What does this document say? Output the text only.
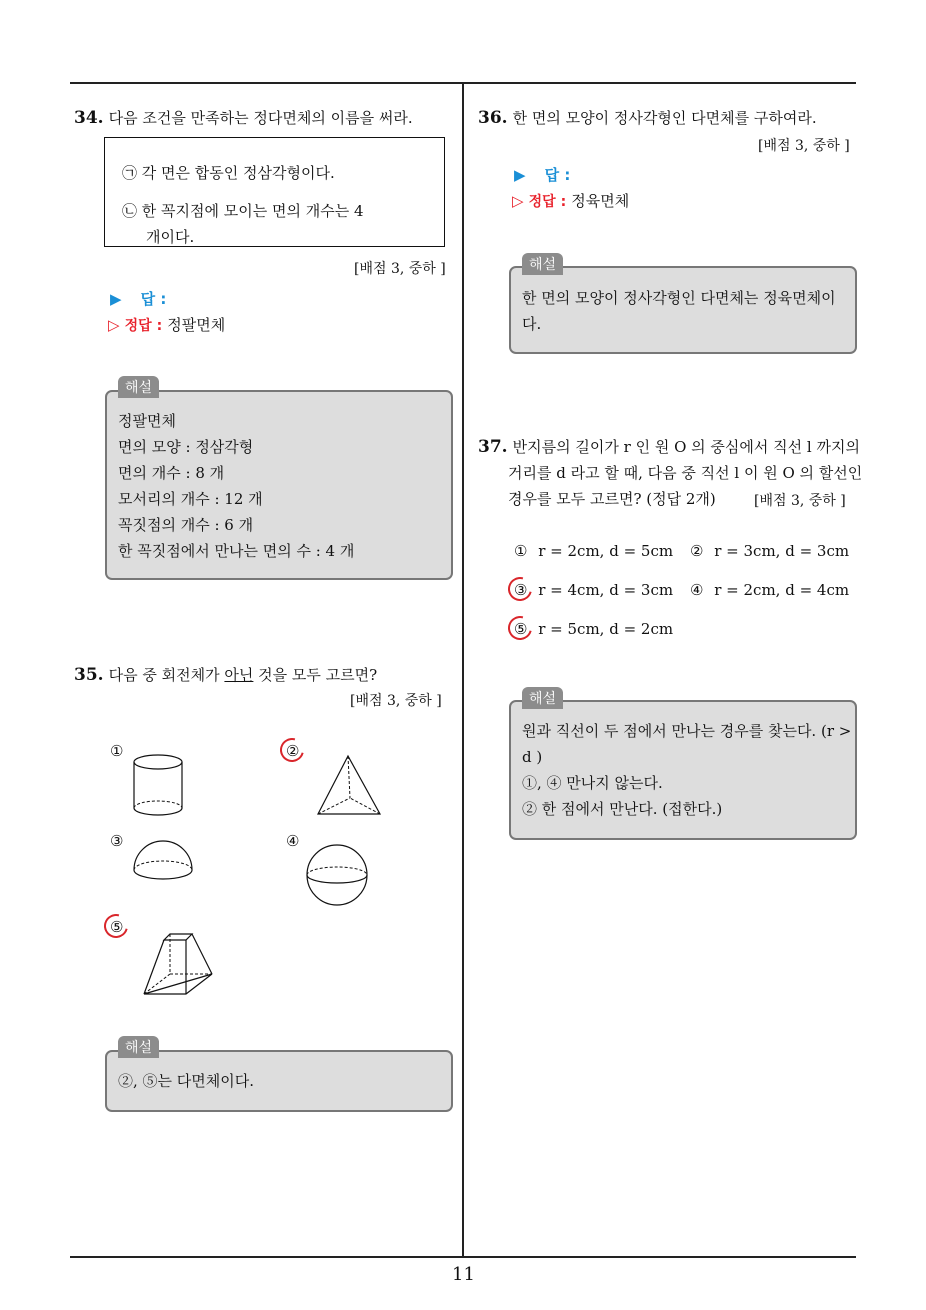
11
34. 다음 조건을 만족하는 정다면체의 이름을 써라.
㉠ 각 면은 합동인 정삼각형이다.
㉡ 한 꼭지점에 모이는 면의 개수는 4
개이다.
[배점 3, 중하 ]
▶ 답 :
▷ 정답 : 정팔면체
해설
정팔면체
면의 모양 : 정삼각형
면의 개수 : 8 개
모서리의 개수 : 12 개
꼭짓점의 개수 : 6 개
한 꼭짓점에서 만나는 면의 수 : 4 개
35. 다음 중 회전체가 아닌 것을 모두 고르면?
[배점 3, 중하 ]
①	②
③	④
⑤
해설
②, ⑤는 다면체이다.
36. 한 면의 모양이 정사각형인 다면체를 구하여라.
[배점 3, 중하 ]
▶ 답 :
▷ 정답 : 정육면체
해설
한 면의 모양이 정사각형인 다면체는 정육면체이
다.
37. 반지름의 길이가 r 인 원 O 의 중심에서 직선 l 까지의
거리를 d 라고 할 때, 다음 중 직선 l 이 원 O 의 할선인
경우를 모두 고르면? (정답 2개)	[배점 3, 중하 ]
① r = 2cm, d = 5cm ② r = 3cm, d = 3cm
③ r = 4cm, d = 3cm ④ r = 2cm, d = 4cm
⑤ r = 5cm, d = 2cm
해설
원과 직선이 두 점에서 만나는 경우를 찾는다. (r >
d )
①, ④ 만나지 않는다.
② 한 점에서 만난다. (접한다.)
